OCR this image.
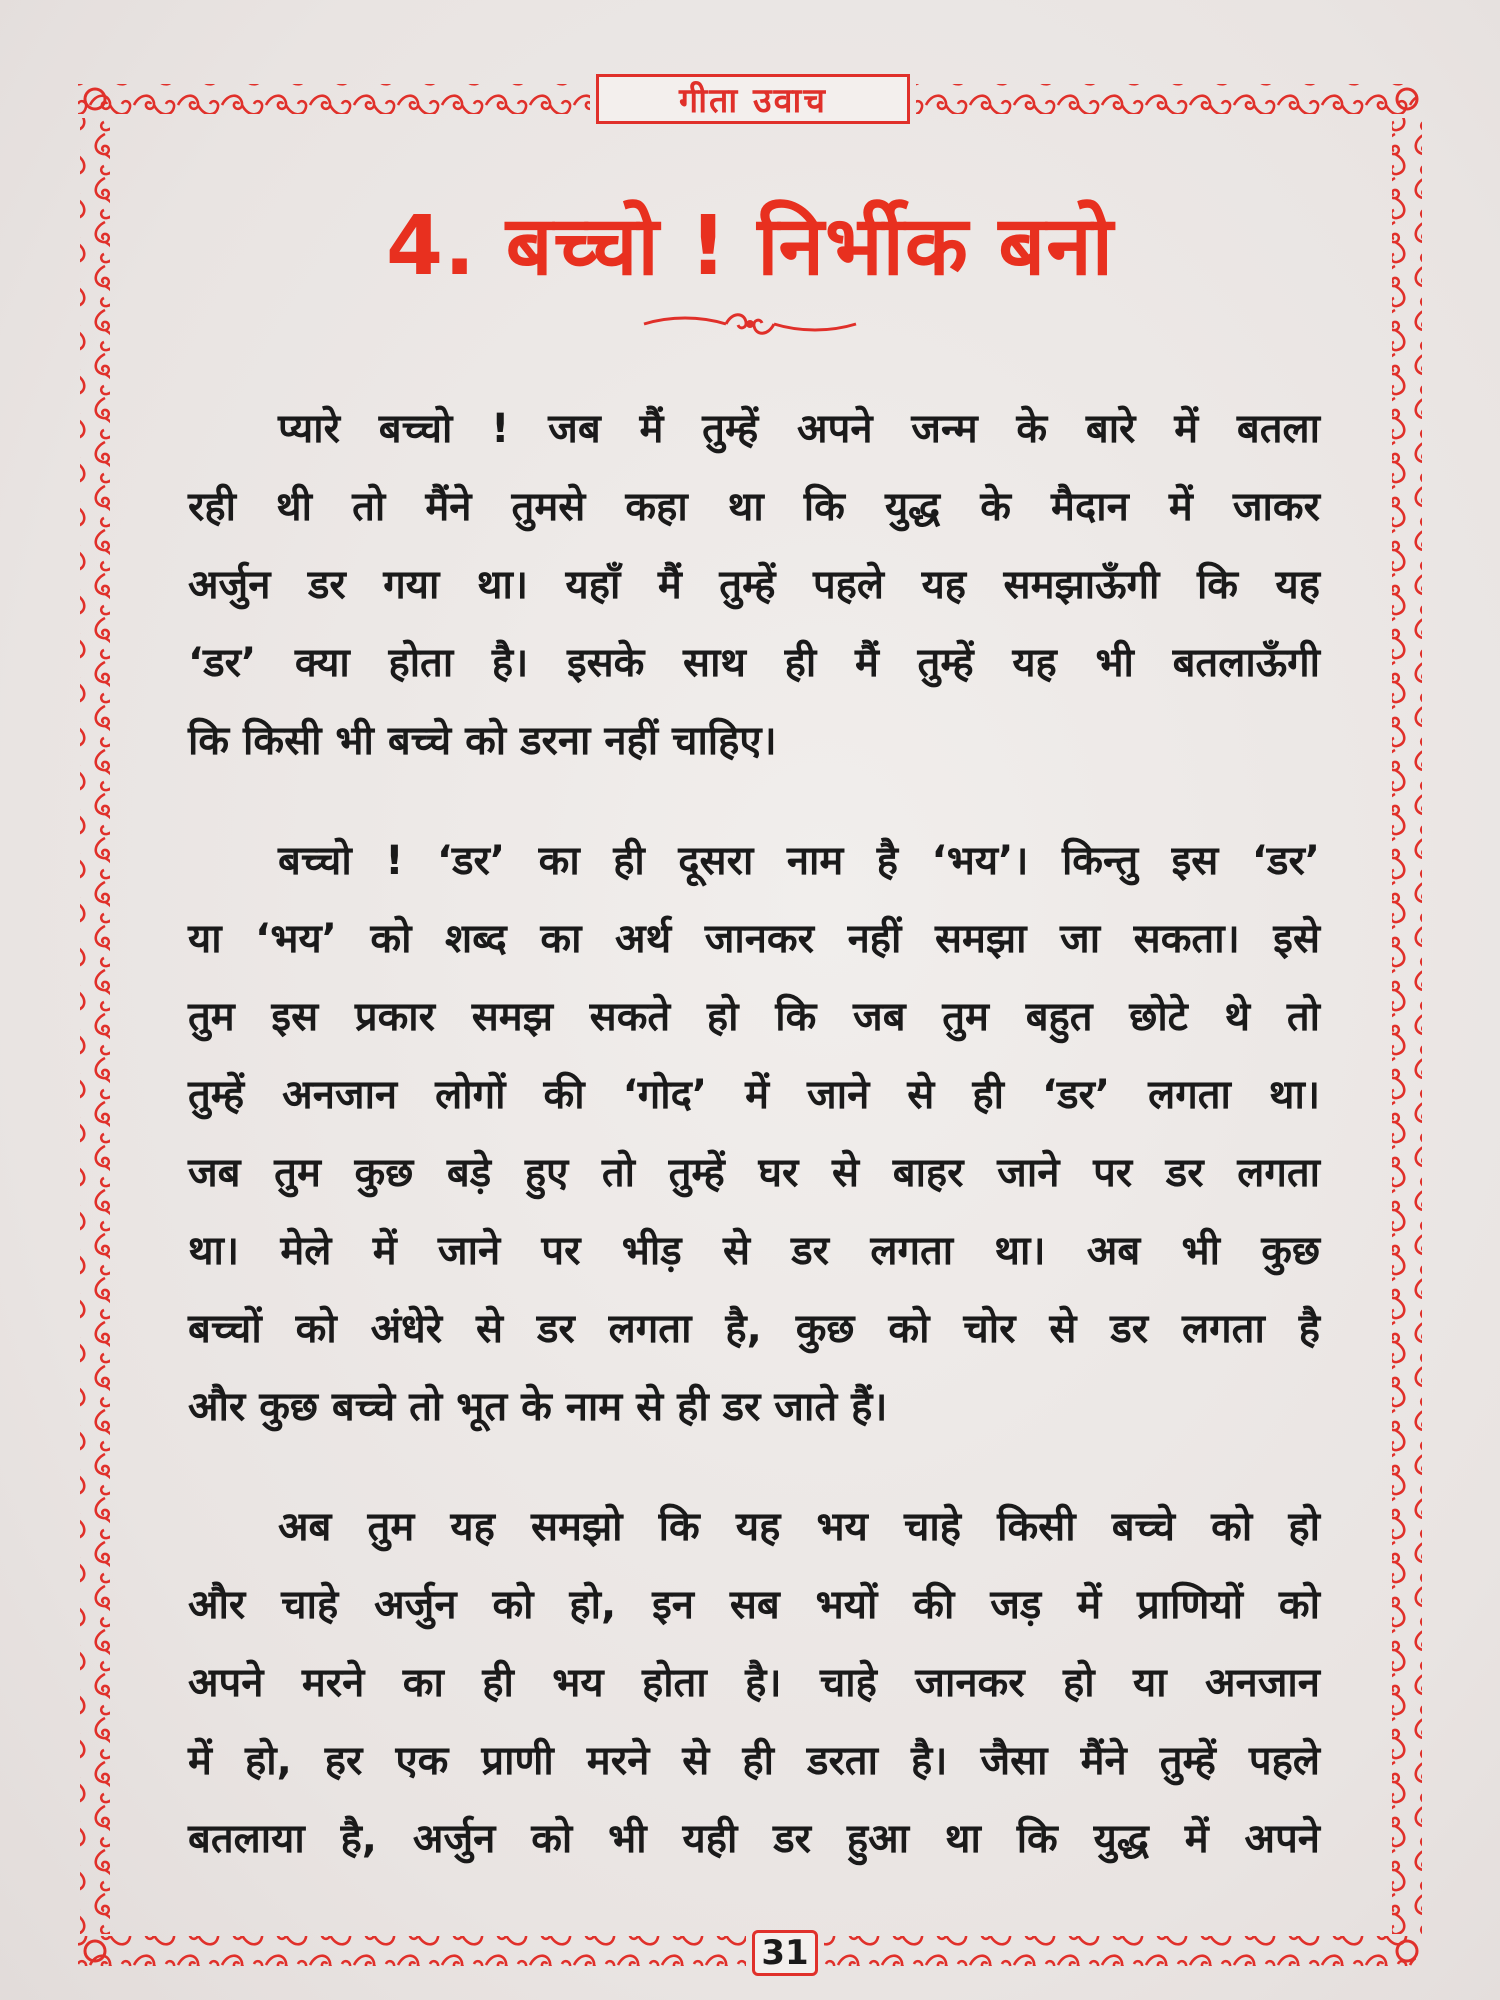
गीता उवाच
4. बच्चो ! निर्भीक बनो
प्यारे बच्चो ! जब मैं तुम्हें अपने जन्म के बारे में बतला
रही थी तो मैंने तुमसे कहा था कि युद्ध के मैदान में जाकर
अर्जुन डर गया था। यहाँ मैं तुम्हें पहले यह समझाऊँगी कि यह
‘डर’ क्या होता है। इसके साथ ही मैं तुम्हें यह भी बतलाऊँगी
कि किसी भी बच्चे को डरना नहीं चाहिए।
बच्चो ! ‘डर’ का ही दूसरा नाम है ‘भय’। किन्तु इस ‘डर’
या ‘भय’ को शब्द का अर्थ जानकर नहीं समझा जा सकता। इसे
तुम इस प्रकार समझ सकते हो कि जब तुम बहुत छोटे थे तो
तुम्हें अनजान लोगों की ‘गोद’ में जाने से ही ‘डर’ लगता था।
जब तुम कुछ बड़े हुए तो तुम्हें घर से बाहर जाने पर डर लगता
था। मेले में जाने पर भीड़ से डर लगता था। अब भी कुछ
बच्चों को अंधेरे से डर लगता है, कुछ को चोर से डर लगता है
और कुछ बच्चे तो भूत के नाम से ही डर जाते हैं।
अब तुम यह समझो कि यह भय चाहे किसी बच्चे को हो
और चाहे अर्जुन को हो, इन सब भयों की जड़ में प्राणियों को
अपने मरने का ही भय होता है। चाहे जानकर हो या अनजान
में हो, हर एक प्राणी मरने से ही डरता है। जैसा मैंने तुम्हें पहले
बतलाया है, अर्जुन को भी यही डर हुआ था कि युद्ध में अपने
31
